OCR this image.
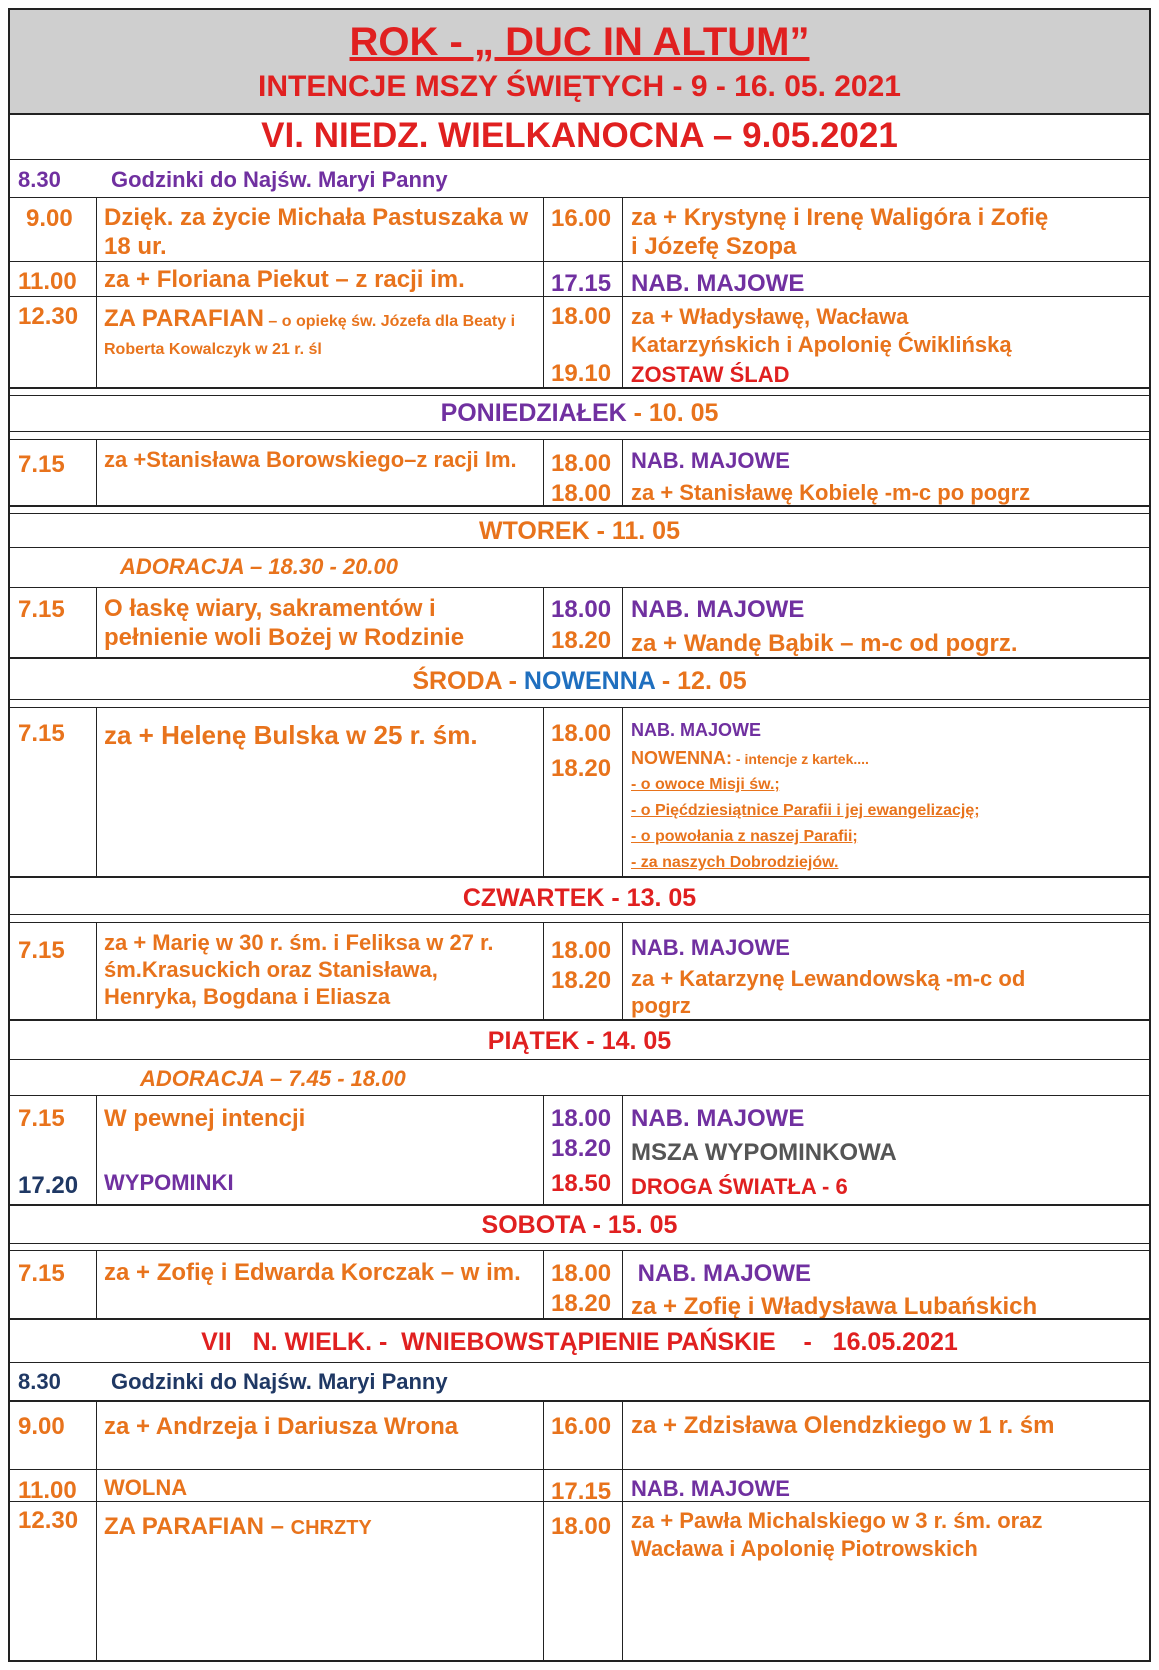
ROK - „ DUC IN ALTUM”
INTENCJE MSZY ŚWIĘTYCH - 9 - 16. 05. 2021
VI. NIEDZ. WIELKANOCNA – 9.05.2021
8.30 Godzinki do Najśw. Maryi Panny
9.00 Dzięk. za życie Michała Pastuszaka w 18 ur.
16.00 za + Krystynę i Irenę Waligóra i Zofię i Józefę Szopa
11.00 za + Floriana Piekut – z racji im.	17.15 NAB. MAJOWE
12.30 ZA PARAFIAN – o opiekę św. Józefa dla Beaty i Roberta Kowalczyk w 21 r. śl
18.00 za + Władysławę, Wacława Katarzyńskich i Apolonię Ćwiklińską
19.10 ZOSTAW ŚLAD
PONIEDZIAŁEK - 10. 05
7.15 za +Stanisława Borowskiego–z racji Im.	18.00 NAB. MAJOWE
18.00 za + Stanisławę Kobielę -m-c po pogrz
WTOREK - 11. 05
ADORACJA – 18.30 - 20.00
7.15 O łaskę wiary, sakramentów i pełnienie woli Bożej w Rodzinie
18.00 NAB. MAJOWE
18.20 za + Wandę Bąbik – m-c od pogrz.
ŚRODA - NOWENNA - 12. 05
7.15 za + Helenę Bulska w 25 r. śm.	18.00 NAB. MAJOWE
18.20 NOWENNA: - intencje z kartek....
- o owoce Misji św.;
- o Pięćdziesiątnice Parafii i jej ewangelizację;
- o powołania z naszej Parafii;
- za naszych Dobrodziejów.
CZWARTEK - 13. 05
7.15 za + Marię w 30 r. śm. i Feliksa w 27 r. śm.Krasuckich oraz Stanisława, Henryka, Bogdana i Eliasza
18.00 NAB. MAJOWE
18.20 za + Katarzynę Lewandowską -m-c od pogrz
PIĄTEK - 14. 05
ADORACJA – 7.45 - 18.00
7.15 W pewnej intencji
17.20 WYPOMINKI
18.00 NAB. MAJOWE
18.20 MSZA WYPOMINKOWA
18.50 DROGA ŚWIATŁA - 6
SOBOTA - 15. 05
7.15 za + Zofię i Edwarda Korczak – w im.	18.00 NAB. MAJOWE
18.20 za + Zofię i Władysława Lubańskich
VII   N. WIELK. -  WNIEBOWSTĄPIENIE PAŃSKIE    -   16.05.2021
8.30 Godzinki do Najśw. Maryi Panny
9.00 za + Andrzeja i Dariusza Wrona	16.00 za + Zdzisława Olendzkiego w 1 r. śm
11.00 WOLNA	17.15 NAB. MAJOWE
12.30 ZA PARAFIAN – CHRZTY	18.00 za + Pawła Michalskiego w 3 r. śm. oraz Wacława i Apolonię Piotrowskich
